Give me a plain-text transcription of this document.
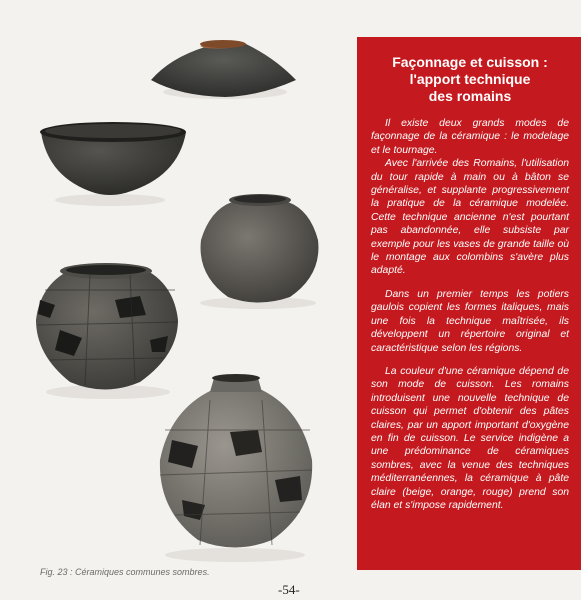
Fig. 23 : Céramiques communes sombres.
Façonnage et cuisson :
l'apport technique
des romains

Il existe deux grands modes de façonnage de la céramique : le modelage et le tournage.

Avec l'arrivée des Romains, l'utilisation du tour rapide à main ou à bâton se généralise, et supplante progressivement la pratique de la céramique modelée. Cette technique ancienne n'est pourtant pas abandonnée, elle subsiste par exemple pour les vases de grande taille où le montage aux colombins s'avère plus adapté.

Dans un premier temps les potiers gaulois copient les formes italiques, mais une fois la technique maîtrisée, ils développent un répertoire original et caractéristique selon les régions.

La couleur d'une céramique dépend de son mode de cuisson. Les romains introduisent une nouvelle technique de cuisson qui permet d'obtenir des pâtes claires, par un apport important d'oxygène en fin de cuisson. Le service indigène a une prédominance de céramiques sombres, avec la venue des techniques méditerranéennes, la céramique à pâte claire (beige, orange, rouge) prend son élan et s'impose rapidement.

-54-
